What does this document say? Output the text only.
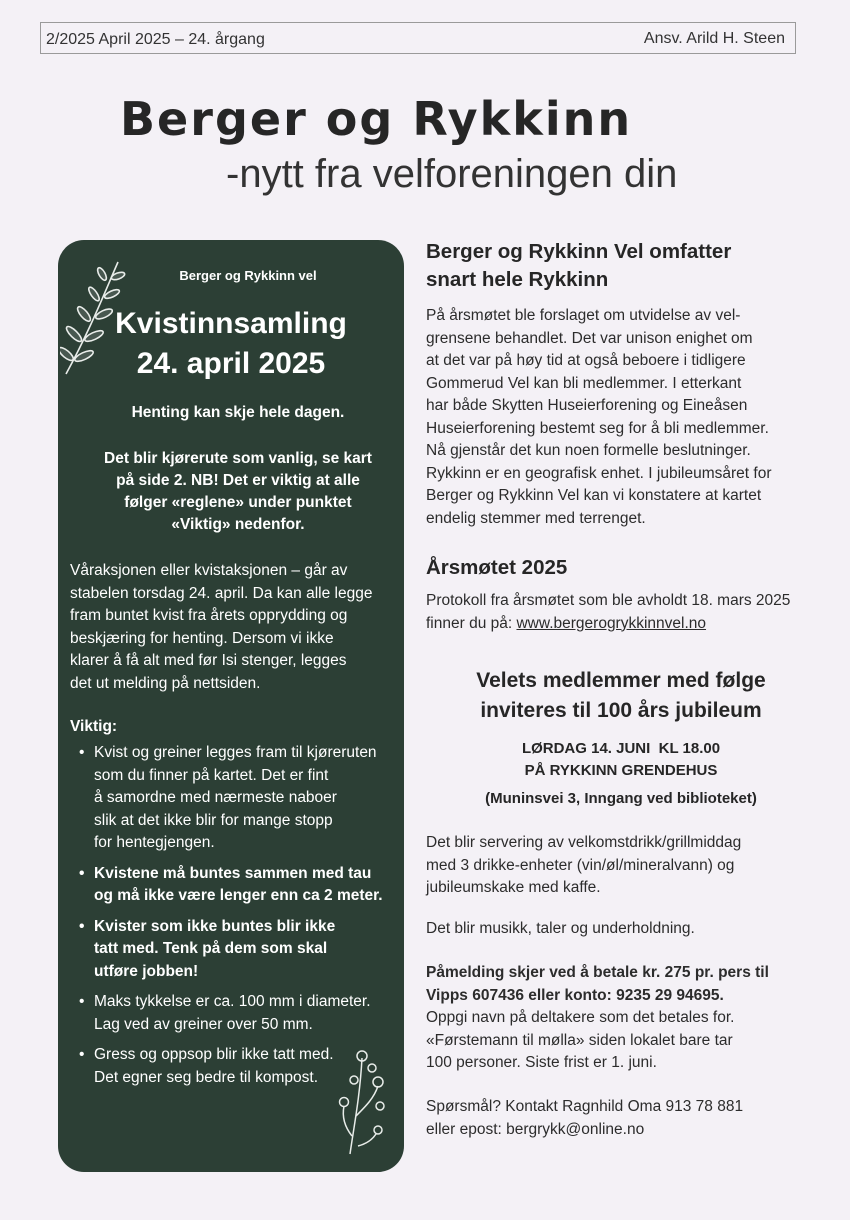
2/2025 April 2025 – 24. årgang	Ansv. Arild H. Steen
Berger og Rykkinn
-nytt fra velforeningen din
Berger og Rykkinn vel
Kvistinnsamling
24. april 2025
Henting kan skje hele dagen.
Det blir kjørerute som vanlig, se kart
på side 2. NB! Det er viktig at alle
følger «reglene» under punktet
«Viktig» nedenfor.
Våraksjonen eller kvistaksjonen – går av
stabelen torsdag 24. april. Da kan alle legge
fram buntet kvist fra årets opprydding og
beskjæring for henting. Dersom vi ikke
klarer å få alt med før Isi stenger, legges
det ut melding på nettsiden.
Viktig:
• Kvist og greiner legges fram til kjøreruten
som du finner på kartet. Det er fint
å samordne med nærmeste naboer
slik at det ikke blir for mange stopp
for hentegjengen.
• Kvistene må buntes sammen med tau
og må ikke være lenger enn ca 2 meter.
• Kvister som ikke buntes blir ikke
tatt med. Tenk på dem som skal
utføre jobben!
• Maks tykkelse er ca. 100 mm i diameter.
Lag ved av greiner over 50 mm.
• Gress og oppsop blir ikke tatt med.
Det egner seg bedre til kompost.
Berger og Rykkinn Vel omfatter
snart hele Rykkinn
På årsmøtet ble forslaget om utvidelse av vel-
grensene behandlet. Det var unison enighet om
at det var på høy tid at også beboere i tidligere
Gommerud Vel kan bli medlemmer. I etterkant
har både Skytten Huseierforening og Eineåsen
Huseierforening bestemt seg for å bli medlemmer.
Nå gjenstår det kun noen formelle beslutninger.
Rykkinn er en geografisk enhet. I jubileumsåret for
Berger og Rykkinn Vel kan vi konstatere at kartet
endelig stemmer med terrenget.
Årsmøtet 2025
Protokoll fra årsmøtet som ble avholdt 18. mars 2025
finner du på: www.bergerogrykkinnvel.no
Velets medlemmer med følge
inviteres til 100 års jubileum
LØRDAG 14. JUNI  KL 18.00
PÅ RYKKINN GRENDEHUS
(Muninsvei 3, Inngang ved biblioteket)
Det blir servering av velkomstdrikk/grillmiddag
med 3 drikke-enheter (vin/øl/mineralvann) og
jubileumskake med kaffe.
Det blir musikk, taler og underholdning.
Påmelding skjer ved å betale kr. 275 pr. pers til
Vipps 607436 eller konto: 9235 29 94695.
Oppgi navn på deltakere som det betales for.
«Førstemann til mølla» siden lokalet bare tar
100 personer. Siste frist er 1. juni.
Spørsmål? Kontakt Ragnhild Oma 913 78 881
eller epost: bergrykk@online.no
